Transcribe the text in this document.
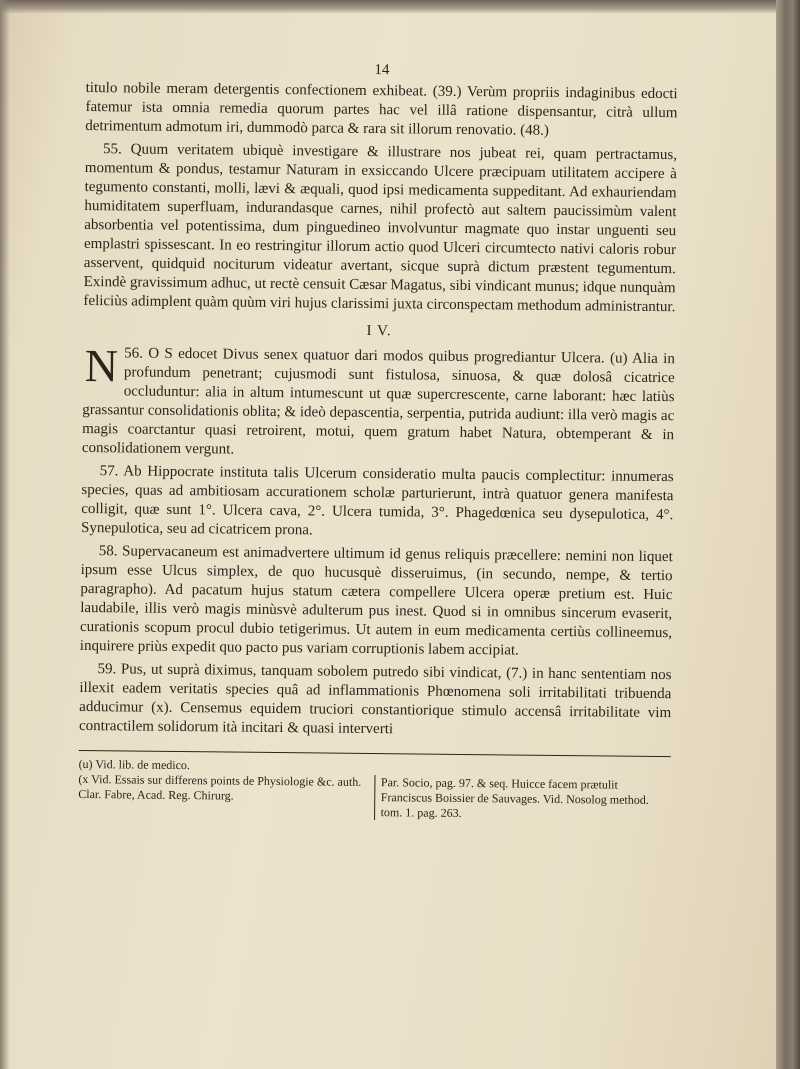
14

titulo nobile meram detergentis confectionem exhibeat. (39.) Verùm propriis indaginibus edocti fatemur ista omnia remedia quorum partes hac vel illâ ratione dispensantur, citrà ullum detrimentum admotum iri, dummodò parca & rara sit illorum renovatio. (48.)

55. Quum veritatem ubiquè investigare & illustrare nos jubeat rei, quam pertractamus, momentum & pondus, testamur Naturam in exsiccando Ulcere præcipuam utilitatem accipere à tegumento constanti, molli, lævi & æquali, quod ipsi medicamenta suppeditant. Ad exhauriendam humiditatem superfluam, indurandasque carnes, nihil profectò aut saltem paucissimùm valent absorbentia vel potentissima, dum pinguedineo involvuntur magmate quo instar unguenti seu emplastri spissescant. In eo restringitur illorum actio quod Ulceri circumtecto nativi caloris robur asservent, quidquid nociturum videatur avertant, sicque suprà dictum præstent tegumentum. Exindè gravissimum adhuc, ut rectè censuit Cæsar Magatus, sibi vindicant munus; idque nunquàm feliciùs adimplent quàm quùm viri hujus clarissimi juxta circonspectam methodum administrantur.

I V.

56.
N O S edocet Divus senex quatuor dari modos quibus progrediantur Ulcera. (u) Alia in profundum penetrant; cujusmodi sunt fistulosa, sinuosa, & quæ dolosâ cicatrice occluduntur: alia in altum intumescunt ut quæ supercrescente, carne laborant: hæc latiùs grassantur consolidationis oblita; & ideò depascentia, serpentia, putrida audiunt: illa verò magis ac magis coarctantur quasi retroirent, motui, quem gratum habet Natura, obtemperant & in consolidationem vergunt.

57. Ab Hippocrate instituta talis Ulcerum consideratio multa paucis complectitur: innumeras species, quas ad ambitiosam accurationem scholæ parturierunt, intrà quatuor genera manifesta colligit, quæ sunt 1°. Ulcera cava, 2°. Ulcera tumida, 3°. Phagedœnica seu dysepulotica, 4°. Synepulotica, seu ad cicatricem prona.

58. Supervacaneum est animadvertere ultimum id genus reliquis præcellere: nemini non liquet ipsum esse Ulcus simplex, de quo hucusquè disseruimus, (in secundo, nempe, & tertio paragrapho). Ad pacatum hujus statum cætera compellere Ulcera operæ pretium est. Huic laudabile, illis verò magis minùsvè adulterum pus inest. Quod si in omnibus sincerum evaserit, curationis scopum procul dubio tetigerimus. Ut autem in eum medicamenta certiùs collineemus, inquirere priùs expedit quo pacto pus variam corruptionis labem accipiat.

59. Pus, ut suprà diximus, tanquam sobolem putredo sibi vindicat, (7.) in hanc sententiam nos illexit eadem veritatis species quâ ad inflammationis Phœnomena soli irritabilitati tribuenda adducimur (x). Censemus equidem truciori constantiorique stimulo accensâ irritabilitate vim contractilem solidorum ità incitari & quasi interverti

(u) Vid. lib. de medico.
(x Vid. Essais sur differens points de Physiologie &c. auth. Clar. Fabre, Acad. Reg. Chirurg.
Par. Socio, pag. 97. & seq. Huicce facem prætulit Franciscus Boissier de Sauvages. Vid. Nosolog method. tom. 1. pag. 263.
